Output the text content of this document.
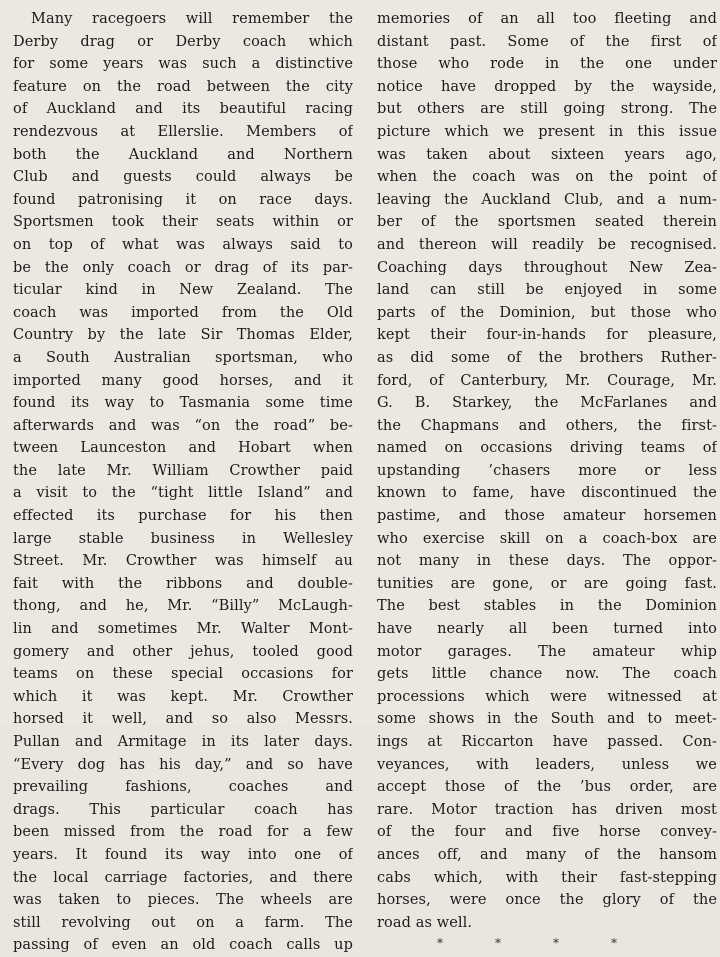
Many racegoers will remember the
Derby drag or Derby coach which
for some years was such a distinctive
feature on the road between the city
of Auckland and its beautiful racing
rendezvous at Ellerslie. Members of
both the Auckland and Northern
Club and guests could always be
found patronising it on race days.
Sportsmen took their seats within or
on top of what was always said to
be the only coach or drag of its par-
ticular kind in New Zealand. The
coach was imported from the Old
Country by the late Sir Thomas Elder,
a South Australian sportsman, who
imported many good horses, and it
found its way to Tasmania some time
afterwards and was “on the road” be-
tween Launceston and Hobart when
the late Mr. William Crowther paid
a visit to the “tight little Island” and
effected its purchase for his then
large stable business in Wellesley
Street. Mr. Crowther was himself au
fait with the ribbons and double-
thong, and he, Mr. “Billy” McLaugh-
lin and sometimes Mr. Walter Mont-
gomery and other jehus, tooled good
teams on these special occasions for
which it was kept. Mr. Crowther
horsed it well, and so also Messrs.
Pullan and Armitage in its later days.
“Every dog has his day,” and so have
prevailing fashions, coaches and
drags. This particular coach has
been missed from the road for a few
years. It found its way into one of
the local carriage factories, and there
was taken to pieces. The wheels are
still revolving out on a farm. The
passing of even an old coach calls up
memories of an all too fleeting and
distant past. Some of the first of
those who rode in the one under
notice have dropped by the wayside,
but others are still going strong. The
picture which we present in this issue
was taken about sixteen years ago,
when the coach was on the point of
leaving the Auckland Club, and a num-
ber of the sportsmen seated therein
and thereon will readily be recognised.
Coaching days throughout New Zea-
land can still be enjoyed in some
parts of the Dominion, but those who
kept their four-in-hands for pleasure,
as did some of the brothers Ruther-
ford, of Canterbury, Mr. Courage, Mr.
G. B. Starkey, the McFarlanes and
the Chapmans and others, the first-
named on occasions driving teams of
upstanding ’chasers more or less
known to fame, have discontinued the
pastime, and those amateur horsemen
who exercise skill on a coach-box are
not many in these days. The oppor-
tunities are gone, or are going fast.
The best stables in the Dominion
have nearly all been turned into
motor garages. The amateur whip
gets little chance now. The coach
processions which were witnessed at
some shows in the South and to meet-
ings at Riccarton have passed. Con-
veyances, with leaders, unless we
accept those of the ’bus order, are
rare. Motor traction has driven most
of the four and five horse convey-
ances off, and many of the hansom
cabs which, with their fast-stepping
horses, were once the glory of the
road as well.
*	*	*	*
